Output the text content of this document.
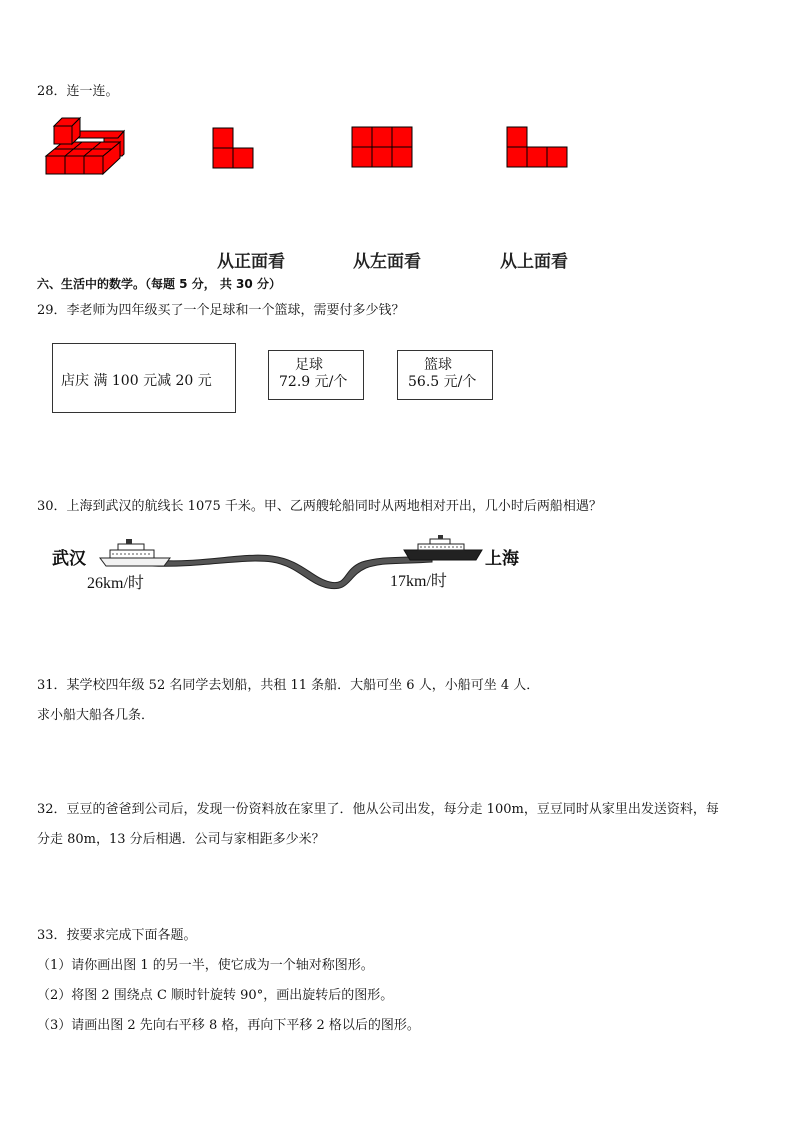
28．连一连。
从正面看	从左面看	从上面看
六、生活中的数学。（每题 5 分， 共 30 分）
29．李老师为四年级买了一个足球和一个篮球，需要付多少钱？
店庆 满 100 元减 20 元
足球
72.9 元/个
篮球
56.5 元/个
30．上海到武汉的航线长 1075 千米。甲、乙两艘轮船同时从两地相对开出，几小时后两船相遇？
武汉	上海
26km/时	17km/时
31．某学校四年级 52 名同学去划船，共租 11 条船．大船可坐 6 人，小船可坐 4 人．
求小船大船各几条．
32．豆豆的爸爸到公司后，发现一份资料放在家里了．他从公司出发，每分走 100m，豆豆同时从家里出发送资料，每
分走 80m，13 分后相遇．公司与家相距多少米？
33．按要求完成下面各题。
（1）请你画出图 1 的另一半，使它成为一个轴对称图形。
（2）将图 2 围绕点 C 顺时针旋转 90°，画出旋转后的图形。
（3）请画出图 2 先向右平移 8 格，再向下平移 2 格以后的图形。
